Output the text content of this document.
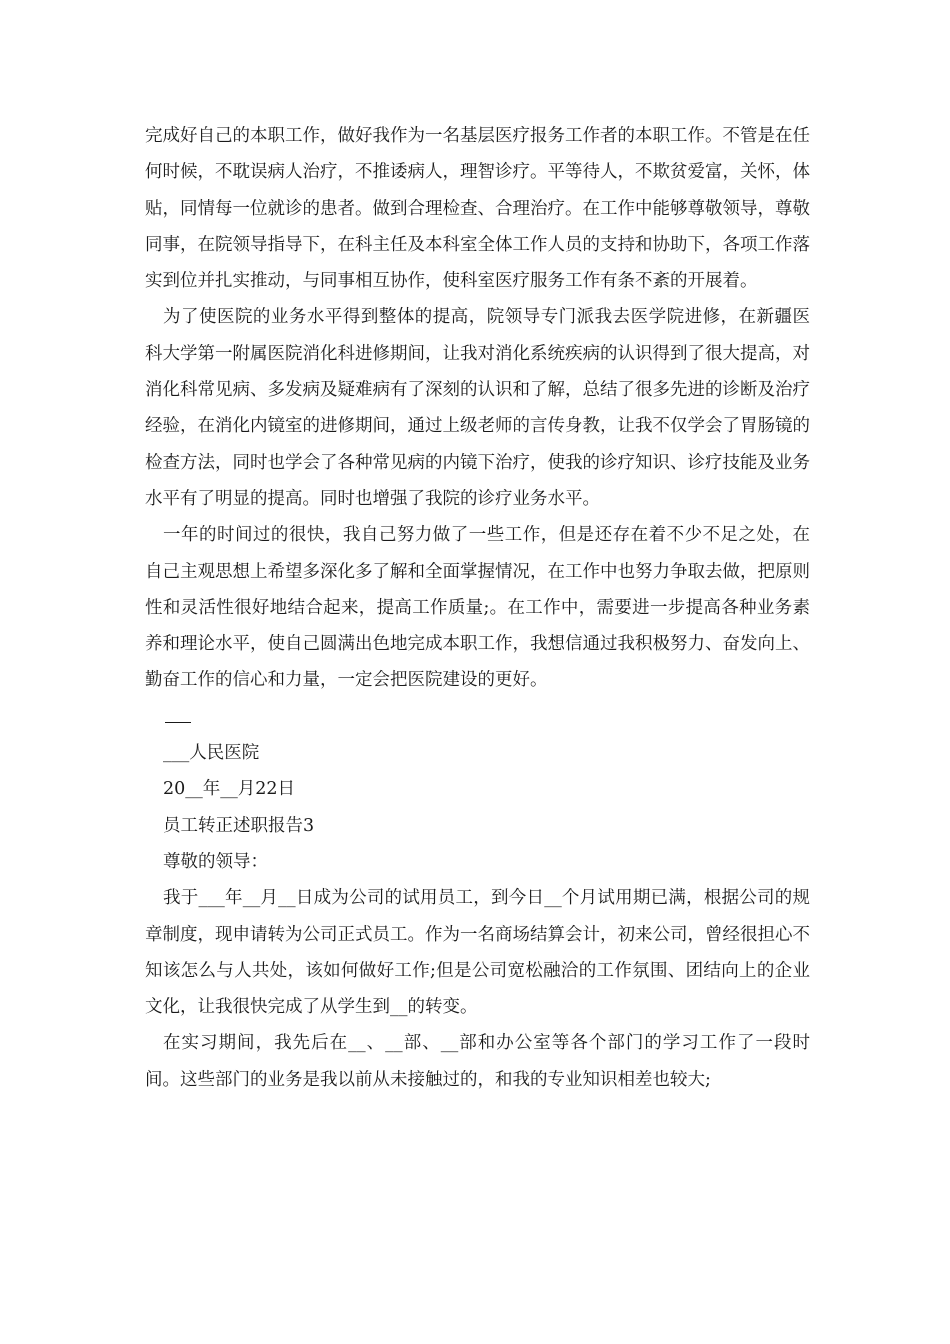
完成好自己的本职工作，做好我作为一名基层医疗报务工作者的本职工作。不管是在任何时候，不耽误病人治疗，不推诿病人，理智诊疗。平等待人，不欺贫爱富，关怀，体贴，同情每一位就诊的患者。做到合理检查、合理治疗。在工作中能够尊敬领导，尊敬同事，在院领导指导下，在科主任及本科室全体工作人员的支持和协助下，各项工作落实到位并扎实推动，与同事相互协作，使科室医疗服务工作有条不紊的开展着。

为了使医院的业务水平得到整体的提高，院领导专门派我去医学院进修，在新疆医科大学第一附属医院消化科进修期间，让我对消化系统疾病的认识得到了很大提高，对消化科常见病、多发病及疑难病有了深刻的认识和了解，总结了很多先进的诊断及治疗经验，在消化内镜室的进修期间，通过上级老师的言传身教，让我不仅学会了胃肠镜的检查方法，同时也学会了各种常见病的内镜下治疗，使我的诊疗知识、诊疗技能及业务水平有了明显的提高。同时也增强了我院的诊疗业务水平。

一年的时间过的很快，我自己努力做了一些工作，但是还存在着不少不足之处，在自己主观思想上希望多深化多了解和全面掌握情况，在工作中也努力争取去做，把原则性和灵活性很好地结合起来，提高工作质量;。在工作中，需要进一步提高各种业务素养和理论水平，使自己圆满出色地完成本职工作，我想信通过我积极努力、奋发向上、勤奋工作的信心和力量，一定会把医院建设的更好。

___人民医院

20__年__月22日

员工转正述职报告3

尊敬的领导：

我于___年__月__日成为公司的试用员工，到今日__个月试用期已满，根据公司的规章制度，现申请转为公司正式员工。作为一名商场结算会计，初来公司，曾经很担心不知该怎么与人共处，该如何做好工作;但是公司宽松融洽的工作氛围、团结向上的企业文化，让我很快完成了从学生到__的转变。

在实习期间，我先后在__、__部、__部和办公室等各个部门的学习工作了一段时间。这些部门的业务是我以前从未接触过的，和我的专业知识相差也较大;
